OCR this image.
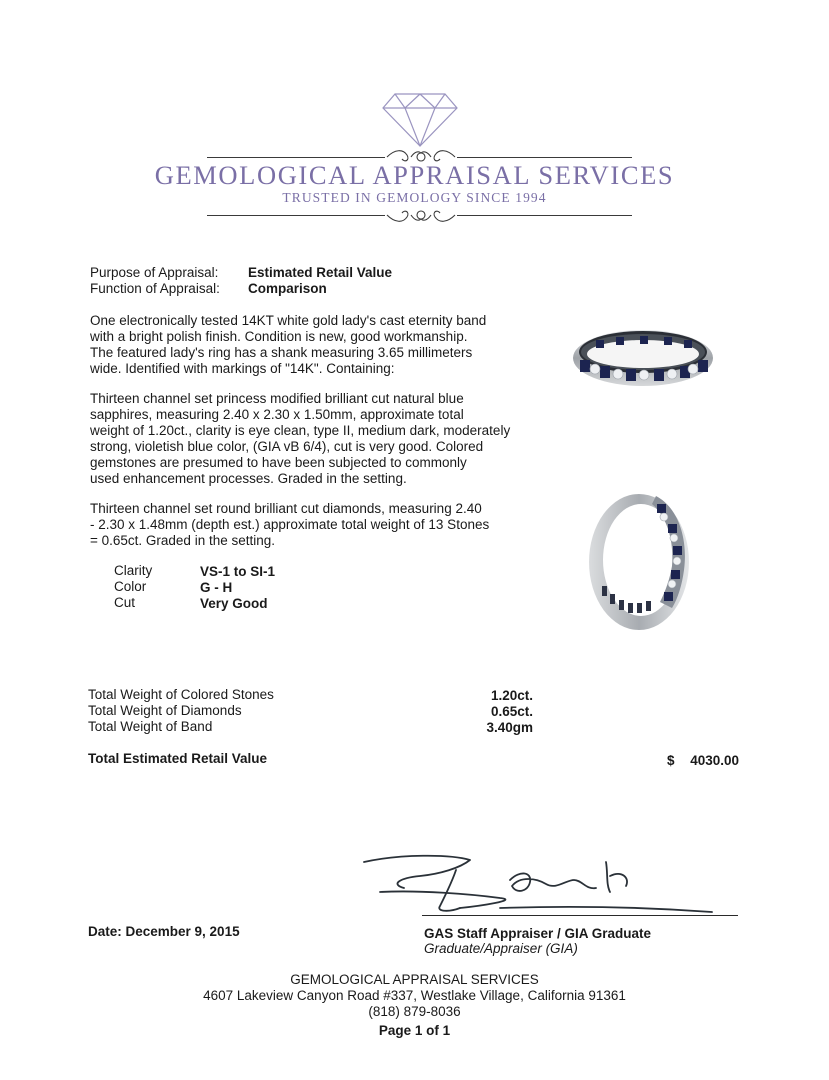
GEMOLOGICAL APPRAISAL SERVICES
TRUSTED IN GEMOLOGY SINCE 1994
Purpose of Appraisal: Estimated Retail Value
Function of Appraisal: Comparison
One electronically tested 14KT white gold lady's cast eternity band
with a bright polish finish. Condition is new, good workmanship.
The featured lady's ring has a shank measuring 3.65 millimeters
wide. Identified with markings of "14K". Containing:
Thirteen channel set princess modified brilliant cut natural blue
sapphires, measuring 2.40 x 2.30 x 1.50mm, approximate total
weight of 1.20ct., clarity is eye clean, type II, medium dark, moderately
strong, violetish blue color, (GIA vB 6/4), cut is very good. Colored
gemstones are presumed to have been subjected to commonly
used enhancement processes. Graded in the setting.
Thirteen channel set round brilliant cut diamonds, measuring 2.40
- 2.30 x 1.48mm (depth est.) approximate total weight of 13 Stones
= 0.65ct. Graded in the setting.
Clarity	VS-1 to SI-1
Color	G - H
Cut	Very Good
Total Weight of Colored Stones	1.20ct.
Total Weight of Diamonds	0.65ct.
Total Weight of Band	3.40gm
Total Estimated Retail Value	$ 4030.00
Date: December 9, 2015	GAS Staff Appraiser / GIA Graduate
Graduate/Appraiser (GIA)
GEMOLOGICAL APPRAISAL SERVICES
4607 Lakeview Canyon Road #337, Westlake Village, California 91361
(818) 879-8036
Page 1 of 1
